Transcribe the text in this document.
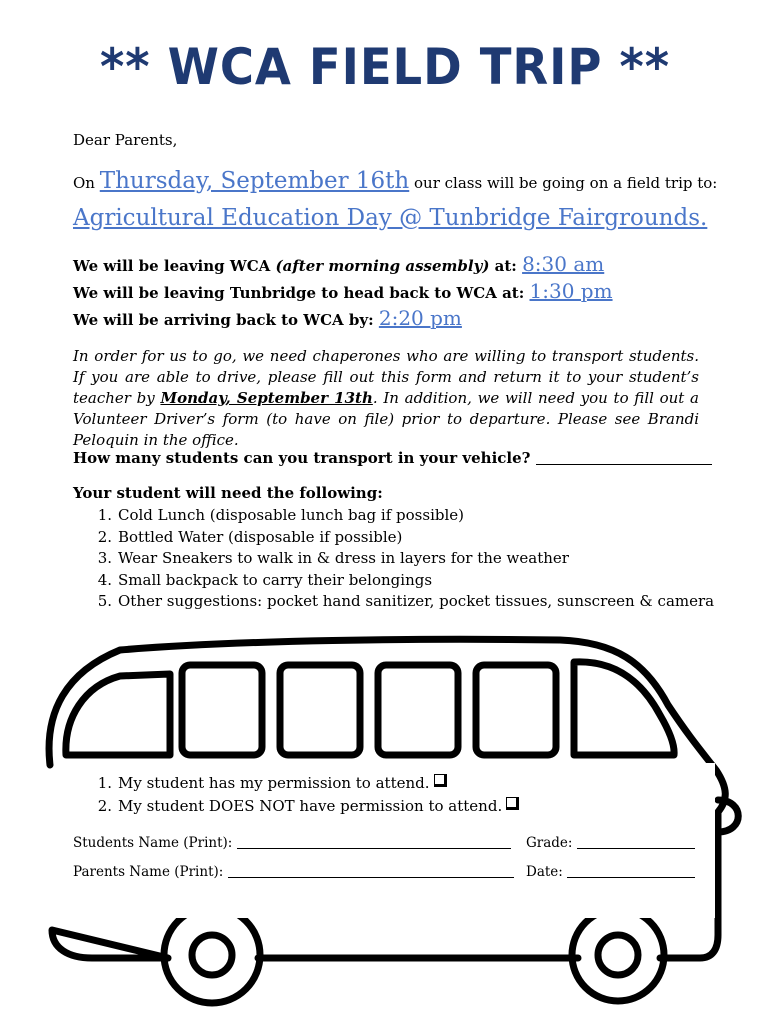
** WCA FIELD TRIP **
Dear Parents,
On Thursday, September 16th our class will be going on a field trip to:
Agricultural Education Day @ Tunbridge Fairgrounds.
We will be leaving WCA (after morning assembly) at: 8:30 am
We will be leaving Tunbridge to head back to WCA at: 1:30 pm
We will be arriving back to WCA by: 2:20 pm
In order for us to go, we need chaperones who are willing to transport students. If you are able to drive, please fill out this form and return it to your student’s teacher by Monday, September 13th. In addition, we will need you to fill out a Volunteer Driver’s form (to have on file) prior to departure. Please see Brandi Peloquin in the office.
How many students can you transport in your vehicle?
Your student will need the following:
1. Cold Lunch (disposable lunch bag if possible)
2. Bottled Water (disposable if possible)
3. Wear Sneakers to walk in & dress in layers for the weather
4. Small backpack to carry their belongings
5. Other suggestions: pocket hand sanitizer, pocket tissues, sunscreen & camera
1. My student has my permission to attend.
2. My student DOES NOT have permission to attend.
Students Name (Print):	Grade:
Parents Name (Print):	Date:
